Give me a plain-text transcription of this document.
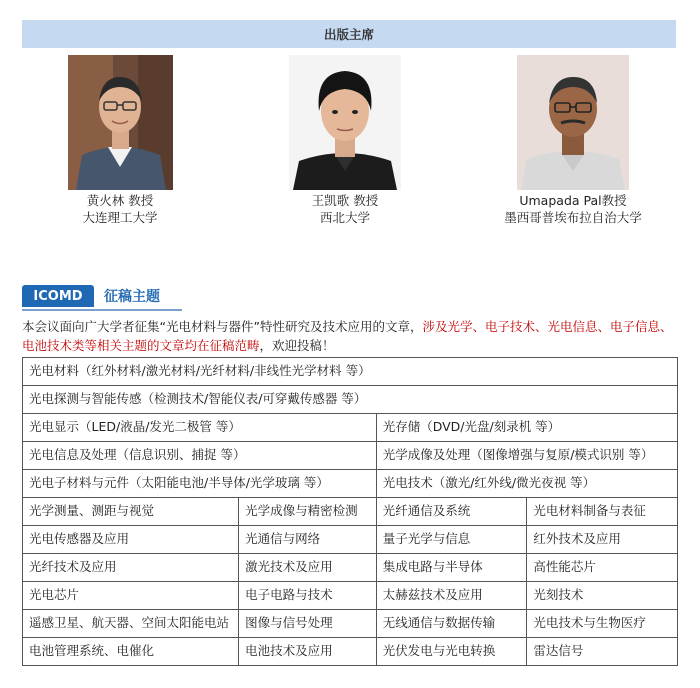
出版主席
黄火林 教授
大连理工大学
王凯歌 教授
西北大学
Umapada Pal教授
墨西哥普埃布拉自治大学
ICOMD	征稿主题
本会议面向广大学者征集“光电材料与器件”特性研究及技术应用的文章，涉及光学、电子技术、光电信息、电子信息、电池技术类等相关主题的文章均在征稿范畴，欢迎投稿！
光电材料（红外材料/激光材料/光纤材料/非线性光学材料 等）			
光电探测与智能传感（检测技术/智能仪表/可穿戴传感器 等）			
光电显示（LED/液晶/发光二极管 等）		光存储（DVD/光盘/刻录机 等）	
光电信息及处理（信息识别、捕捉 等）		光学成像及处理（图像增强与复原/模式识别 等）	
光电子材料与元件（太阳能电池/半导体/光学玻璃 等）		光电技术（激光/红外线/微光夜视 等）	
光学测量、测距与视觉	光学成像与精密检测	光纤通信及系统	光电材料制备与表征
光电传感器及应用	光通信与网络	量子光学与信息	红外技术及应用
光纤技术及应用	激光技术及应用	集成电路与半导体	高性能芯片
光电芯片	电子电路与技术	太赫兹技术及应用	光刻技术
遥感卫星、航天器、空间太阳能电站	图像与信号处理	无线通信与数据传输	光电技术与生物医疗
电池管理系统、电催化	电池技术及应用	光伏发电与光电转换	雷达信号
